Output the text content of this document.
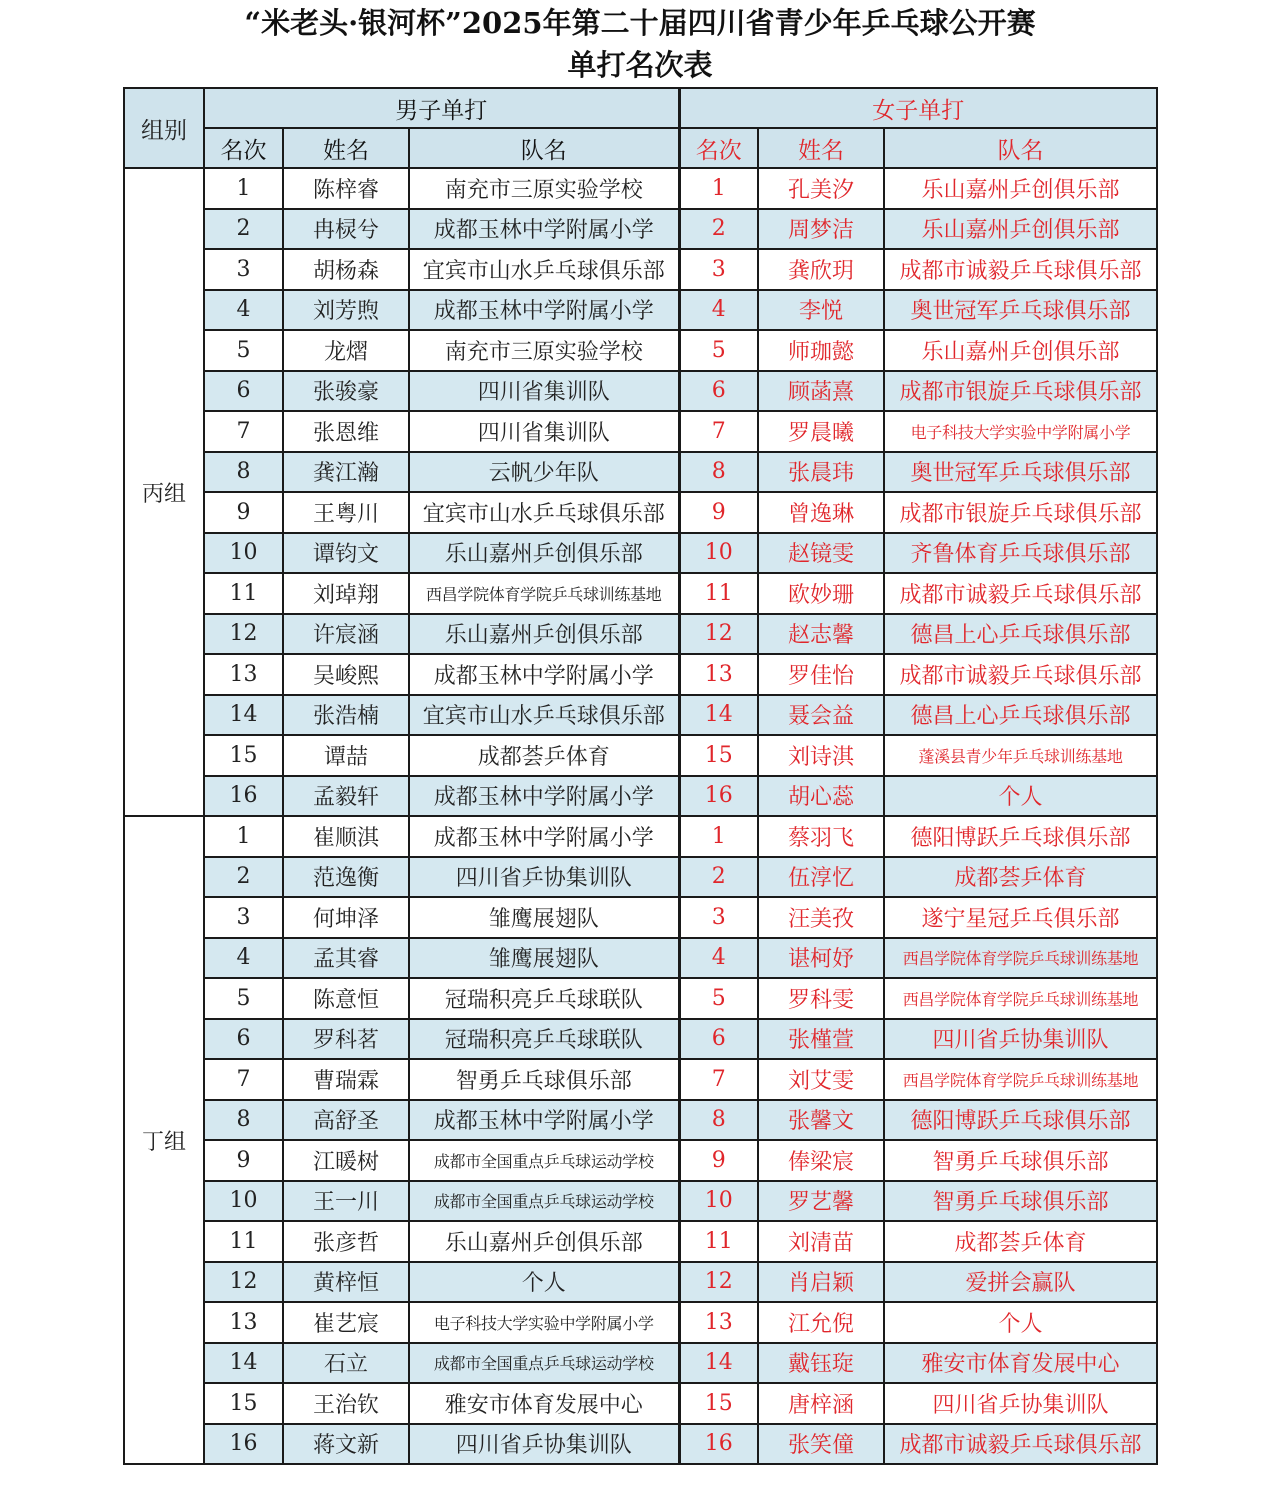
“米老头·银河杯”2025年第二十届四川省青少年乒乓球公开赛
单打名次表
组别	男子单打			女子单打		
	名次	姓名	队名	名次	姓名	队名
丙组	1	陈梓睿	南充市三原实验学校	1	孔美汐	乐山嘉州乒创俱乐部
	2	冉棂兮	成都玉林中学附属小学	2	周梦洁	乐山嘉州乒创俱乐部
	3	胡杨森	宜宾市山水乒乓球俱乐部	3	龚欣玥	成都市诚毅乒乓球俱乐部
	4	刘芳煦	成都玉林中学附属小学	4	李悦	奥世冠军乒乓球俱乐部
	5	龙熠	南充市三原实验学校	5	师珈懿	乐山嘉州乒创俱乐部
	6	张骏豪	四川省集训队	6	顾菡熹	成都市银旋乒乓球俱乐部
	7	张恩维	四川省集训队	7	罗晨曦	电子科技大学实验中学附属小学
	8	龚江瀚	云帆少年队	8	张晨玮	奥世冠军乒乓球俱乐部
	9	王粤川	宜宾市山水乒乓球俱乐部	9	曾逸琳	成都市银旋乒乓球俱乐部
	10	谭钧文	乐山嘉州乒创俱乐部	10	赵镜雯	齐鲁体育乒乓球俱乐部
	11	刘琸翔	西昌学院体育学院乒乓球训练基地	11	欧妙珊	成都市诚毅乒乓球俱乐部
	12	许宸涵	乐山嘉州乒创俱乐部	12	赵志馨	德昌上心乒乓球俱乐部
	13	吴峻熙	成都玉林中学附属小学	13	罗佳怡	成都市诚毅乒乓球俱乐部
	14	张浩楠	宜宾市山水乒乓球俱乐部	14	聂会益	德昌上心乒乓球俱乐部
	15	谭喆	成都荟乒体育	15	刘诗淇	蓬溪县青少年乒乓球训练基地
	16	孟毅轩	成都玉林中学附属小学	16	胡心蕊	个人
丁组	1	崔顺淇	成都玉林中学附属小学	1	蔡羽飞	德阳博跃乒乓球俱乐部
	2	范逸衡	四川省乒协集训队	2	伍淳忆	成都荟乒体育
	3	何坤泽	雏鹰展翅队	3	汪美孜	遂宁星冠乒乓俱乐部
	4	孟其睿	雏鹰展翅队	4	谌柯妤	西昌学院体育学院乒乓球训练基地
	5	陈意恒	冠瑞积亮乒乓球联队	5	罗科雯	西昌学院体育学院乒乓球训练基地
	6	罗科茗	冠瑞积亮乒乓球联队	6	张槿萱	四川省乒协集训队
	7	曹瑞霖	智勇乒乓球俱乐部	7	刘艾雯	西昌学院体育学院乒乓球训练基地
	8	高舒圣	成都玉林中学附属小学	8	张馨文	德阳博跃乒乓球俱乐部
	9	江暖树	成都市全国重点乒乓球运动学校	9	俸梁宸	智勇乒乓球俱乐部
	10	王一川	成都市全国重点乒乓球运动学校	10	罗艺馨	智勇乒乓球俱乐部
	11	张彦哲	乐山嘉州乒创俱乐部	11	刘清苗	成都荟乒体育
	12	黄梓恒	个人	12	肖启颖	爱拼会赢队
	13	崔艺宸	电子科技大学实验中学附属小学	13	江允倪	个人
	14	石立	成都市全国重点乒乓球运动学校	14	戴钰琁	雅安市体育发展中心
	15	王治钦	雅安市体育发展中心	15	唐梓涵	四川省乒协集训队
	16	蒋文新	四川省乒协集训队	16	张笑僮	成都市诚毅乒乓球俱乐部
